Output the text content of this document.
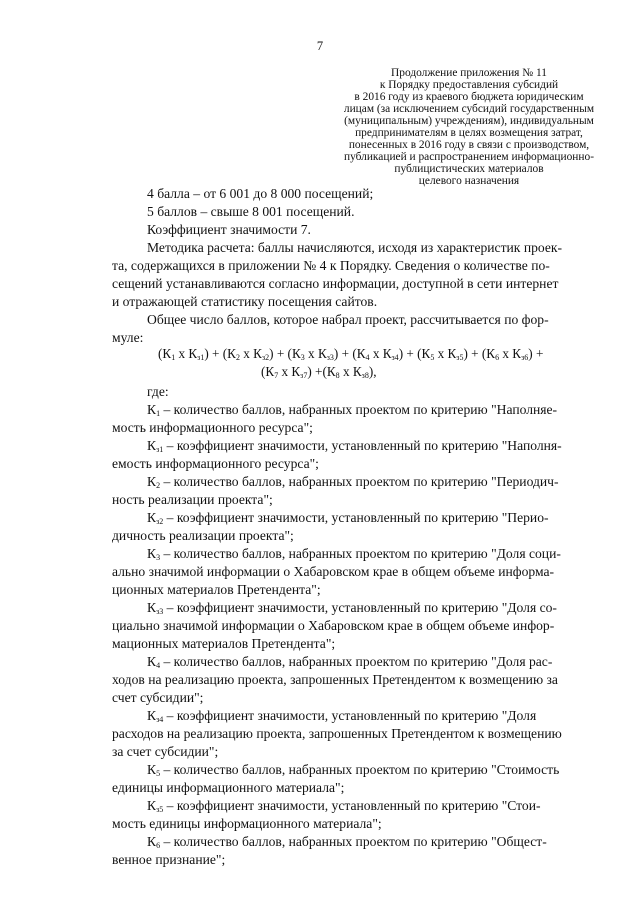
7
Продолжение приложения № 11
к Порядку предоставления субсидий
в 2016 году из краевого бюджета юридическим
лицам (за исключением субсидий государственным
(муниципальным) учреждениям), индивидуальным
предпринимателям в целях возмещения затрат,
понесенных в 2016 году в связи с производством,
публикацией и распространением информационно-
публицистических материалов
целевого назначения
4 балла – от 6 001 до 8 000 посещений;
5 баллов – свыше 8 001 посещений.
Коэффициент значимости 7.
Методика расчета: баллы начисляются, исходя из характеристик проек-
та, содержащихся в приложении № 4 к Порядку. Сведения о количестве по-
сещений устанавливаются согласно информации, доступной в сети интернет
и отражающей статистику посещения сайтов.
Общее число баллов, которое набрал проект, рассчитывается по фор-
муле:
($К_1$ х $К_{з1}) + (К_2$ х $К_{з2}) + (К_3$ х $К_{з3}) + (К_4$ х $К_{з4}) + (К_5$ х $К_{з5}) + (К_6$ х $К_{з6}$) +
($К_7$ х $К_{з7}) +(К_8$ х $К_{з8}$),
где:
$К_1$ – количество баллов, набранных проектом по критерию "Наполняе-
мость информационного ресурса";
$К_{з1}$ – коэффициент значимости, установленный по критерию "Наполня-
емость информационного ресурса";
$К_2$ – количество баллов, набранных проектом по критерию "Периодич-
ность реализации проекта";
$К_{з2}$ – коэффициент значимости, установленный по критерию "Перио-
дичность реализации проекта";
$К_3$ – количество баллов, набранных проектом по критерию "Доля соци-
ально значимой информации о Хабаровском крае в общем объеме информа-
ционных материалов Претендента";
$К_{з3}$ – коэффициент значимости, установленный по критерию "Доля со-
циально значимой информации о Хабаровском крае в общем объеме инфор-
мационных материалов Претендента";
$К_4$ – количество баллов, набранных проектом по критерию "Доля рас-
ходов на реализацию проекта, запрошенных Претендентом к возмещению за
счет субсидии";
$К_{з4}$ – коэффициент значимости, установленный по критерию "Доля
расходов на реализацию проекта, запрошенных Претендентом к возмещению
за счет субсидии";
$К_5$ – количество баллов, набранных проектом по критерию "Стоимость
единицы информационного материала";
$К_{з5}$ – коэффициент значимости, установленный по критерию "Стои-
мость единицы информационного материала";
$К_6$ – количество баллов, набранных проектом по критерию "Общест-
венное признание";
